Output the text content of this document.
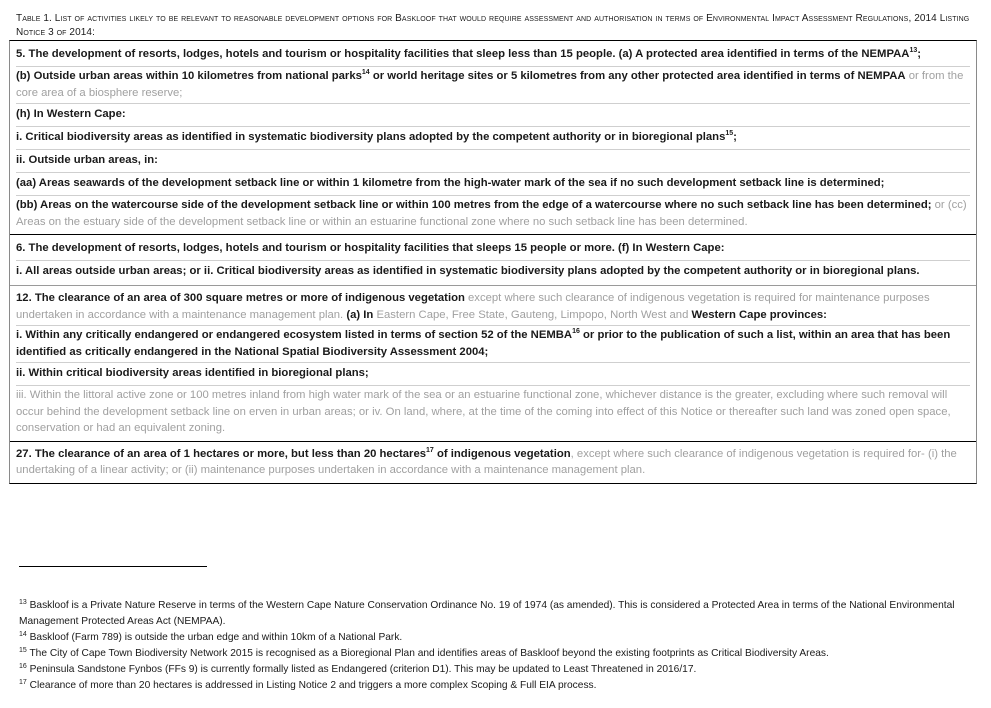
Table 1. List of activities likely to be relevant to reasonable development options for Baskloof that would require assessment and authorisation in terms of Environmental Impact Assessment Regulations, 2014 Listing Notice 3 of 2014:
5. The development of resorts, lodges, hotels and tourism or hospitality facilities that sleep less than 15 people. (a) A protected area identified in terms of the NEMPAA$^{13}$;
(b) Outside urban areas within 10 kilometres from national parks$^{14}$ or world heritage sites or 5 kilometres from any other protected area identified in terms of NEMPAA or from the core area of a biosphere reserve;
(h) In Western Cape:
i. Critical biodiversity areas as identified in systematic biodiversity plans adopted by the competent authority or in bioregional plans$^{15}$;
ii. Outside urban areas, in:
(aa) Areas seawards of the development setback line or within 1 kilometre from the high-water mark of the sea if no such development setback line is determined;
(bb) Areas on the watercourse side of the development setback line or within 100 metres from the edge of a watercourse where no such setback line has been determined; or (cc) Areas on the estuary side of the development setback line or within an estuarine functional zone where no such setback line has been determined.
6. The development of resorts, lodges, hotels and tourism or hospitality facilities that sleeps 15 people or more. (f) In Western Cape:
i. All areas outside urban areas; or ii. Critical biodiversity areas as identified in systematic biodiversity plans adopted by the competent authority or in bioregional plans.
12. The clearance of an area of 300 square metres or more of indigenous vegetation except where such clearance of indigenous vegetation is required for maintenance purposes undertaken in accordance with a maintenance management plan. (a) In Eastern Cape, Free State, Gauteng, Limpopo, North West and Western Cape provinces:
i. Within any critically endangered or endangered ecosystem listed in terms of section 52 of the NEMBA$^{16}$ or prior to the publication of such a list, within an area that has been identified as critically endangered in the National Spatial Biodiversity Assessment 2004;
ii. Within critical biodiversity areas identified in bioregional plans;
iii. Within the littoral active zone or 100 metres inland from high water mark of the sea or an estuarine functional zone, whichever distance is the greater, excluding where such removal will occur behind the development setback line on erven in urban areas; or iv. On land, where, at the time of the coming into effect of this Notice or thereafter such land was zoned open space, conservation or had an equivalent zoning.
27. The clearance of an area of 1 hectares or more, but less than 20 hectares$^{17}$ of indigenous vegetation, except where such clearance of indigenous vegetation is required for- (i) the undertaking of a linear activity; or (ii) maintenance purposes undertaken in accordance with a maintenance management plan.
$^{13}$ Baskloof is a Private Nature Reserve in terms of the Western Cape Nature Conservation Ordinance No. 19 of 1974 (as amended). This is considered a Protected Area in terms of the National Environmental Management Protected Areas Act (NEMPAA).
$^{14}$ Baskloof (Farm 789) is outside the urban edge and within 10km of a National Park.
$^{15}$ The City of Cape Town Biodiversity Network 2015 is recognised as a Bioregional Plan and identifies areas of Baskloof beyond the existing footprints as Critical Biodiversity Areas.
$^{16}$ Peninsula Sandstone Fynbos (FFs 9) is currently formally listed as Endangered (criterion D1). This may be updated to Least Threatened in 2016/17.
$^{17}$ Clearance of more than 20 hectares is addressed in Listing Notice 2 and triggers a more complex Scoping & Full EIA process.
